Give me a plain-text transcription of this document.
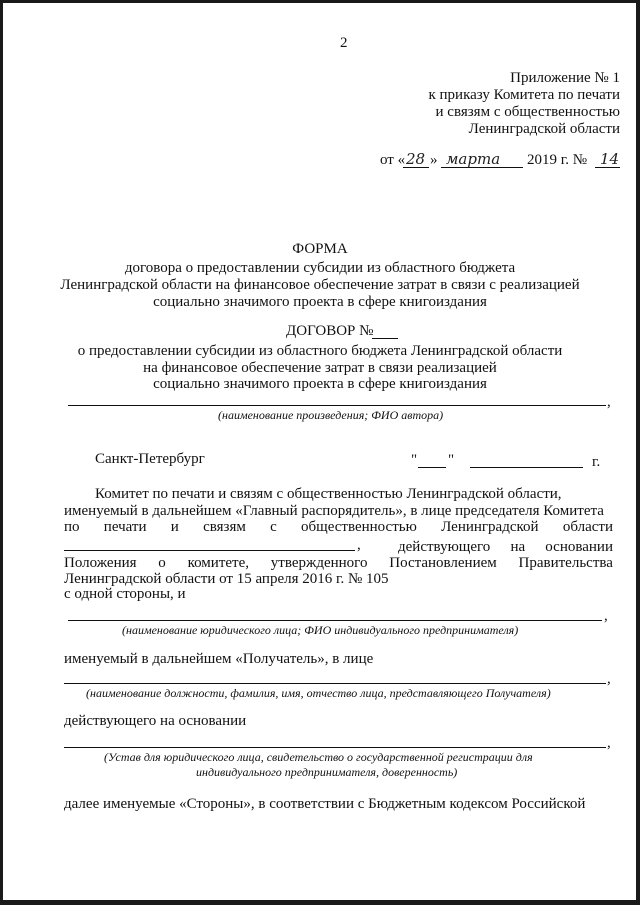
2
Приложение № 1
к приказу Комитета по печати
и связям с общественностью
Ленинградской области
от « 28 » марта 2019 г. № 14
ФОРМА
договора о предоставлении субсидии из областного бюджета
Ленинградской области на финансовое обеспечение затрат в связи с реализацией
социально значимого проекта в сфере книгоиздания
ДОГОВОР №
о предоставлении субсидии из областного бюджета Ленинградской области
на финансовое обеспечение затрат в связи реализацией
социально значимого проекта в сфере книгоиздания
,
(наименование произведения; ФИО автора)
Санкт-Петербург	" "	г.
Комитет по печати и связям с общественностью Ленинградской области,
именуемый в дальнейшем «Главный распорядитель», в лице председателя Комитета
по печати и связям с общественностью Ленинградской области
, действующего на основании
Положения о комитете, утвержденного Постановлением Правительства
Ленинградской области от 15 апреля 2016 г. № 105
с одной стороны, и
,
(наименование юридического лица; ФИО индивидуального предпринимателя)
именуемый в дальнейшем «Получатель», в лице
,
(наименование должности, фамилия, имя, отчество лица, представляющего Получателя)
действующего на основании
,
(Устав для юридического лица, свидетельство о государственной регистрации для
индивидуального предпринимателя, доверенность)
далее именуемые «Стороны», в соответствии с Бюджетным кодексом Российской
